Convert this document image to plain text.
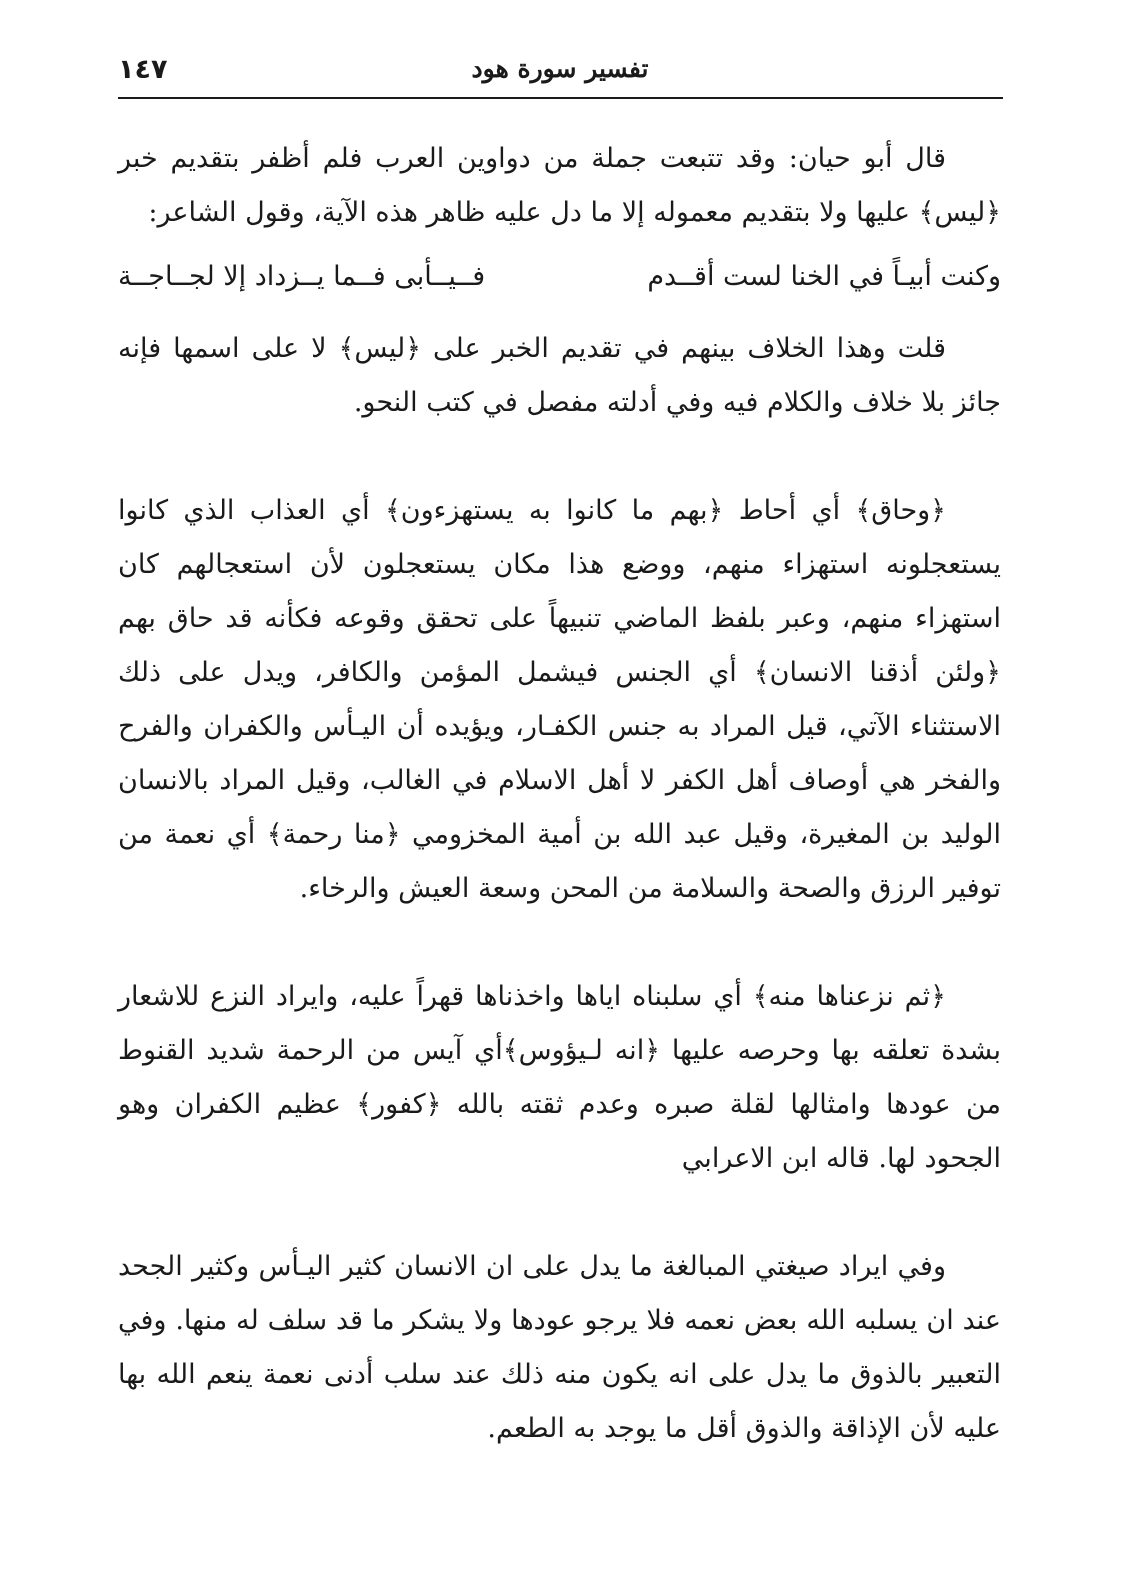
١٤٧	تفسير سورة هود

قال أبو حيان: وقد تتبعت جملة من دواوين العرب فلم أظفر بتقديم خبر ﴿ليس﴾ عليها ولا بتقديم معموله إلا ما دل عليه ظاهر هذه الآية، وقول الشاعر:

وكنت أبيـاً في الخنا لست أقــدم
فــيــأبى فــما يــزداد إلا لجــاجــة

قلت وهذا الخلاف بينهم في تقديم الخبر على ﴿ليس﴾ لا على اسمها فإنه جائز بلا خلاف والكلام فيه وفي أدلته مفصل في كتب النحو.

﴿وحاق﴾ أي أحاط ﴿بهم ما كانوا به يستهزءون﴾ أي العذاب الذي كانوا يستعجلونه استهزاء منهم، ووضع هذا مكان يستعجلون لأن استعجالهم كان استهزاء منهم، وعبر بلفظ الماضي تنبيهاً على تحقق وقوعه فكأنه قد حاق بهم ﴿ولئن أذقنا الانسان﴾ أي الجنس فيشمل المؤمن والكافر، ويدل على ذلك الاستثناء الآتي، قيل المراد به جنس الكفـار، ويؤيده أن اليـأس والكفران والفرح والفخر هي أوصاف أهل الكفر لا أهل الاسلام في الغالب، وقيل المراد بالانسان الوليد بن المغيرة، وقيل عبد الله بن أمية المخزومي ﴿منا رحمة﴾ أي نعمة من توفير الرزق والصحة والسلامة من المحن وسعة العيش والرخاء.

﴿ثم نزعناها منه﴾ أي سلبناه اياها واخذناها قهراً عليه، وايراد النزع للاشعار بشدة تعلقه بها وحرصه عليها ﴿انه لـيؤوس﴾أي آيس من الرحمة شديد القنوط من عودها وامثالها لقلة صبره وعدم ثقته بالله ﴿كفور﴾ عظيم الكفران وهو الجحود لها. قاله ابن الاعرابي

وفي ايراد صيغتي المبالغة ما يدل على ان الانسان كثير اليـأس وكثير الجحد عند ان يسلبه الله بعض نعمه فلا يرجو عودها ولا يشكر ما قد سلف له منها. وفي التعبير بالذوق ما يدل على انه يكون منه ذلك عند سلب أدنى نعمة ينعم الله بها عليه لأن الإذاقة والذوق أقل ما يوجد به الطعم.
